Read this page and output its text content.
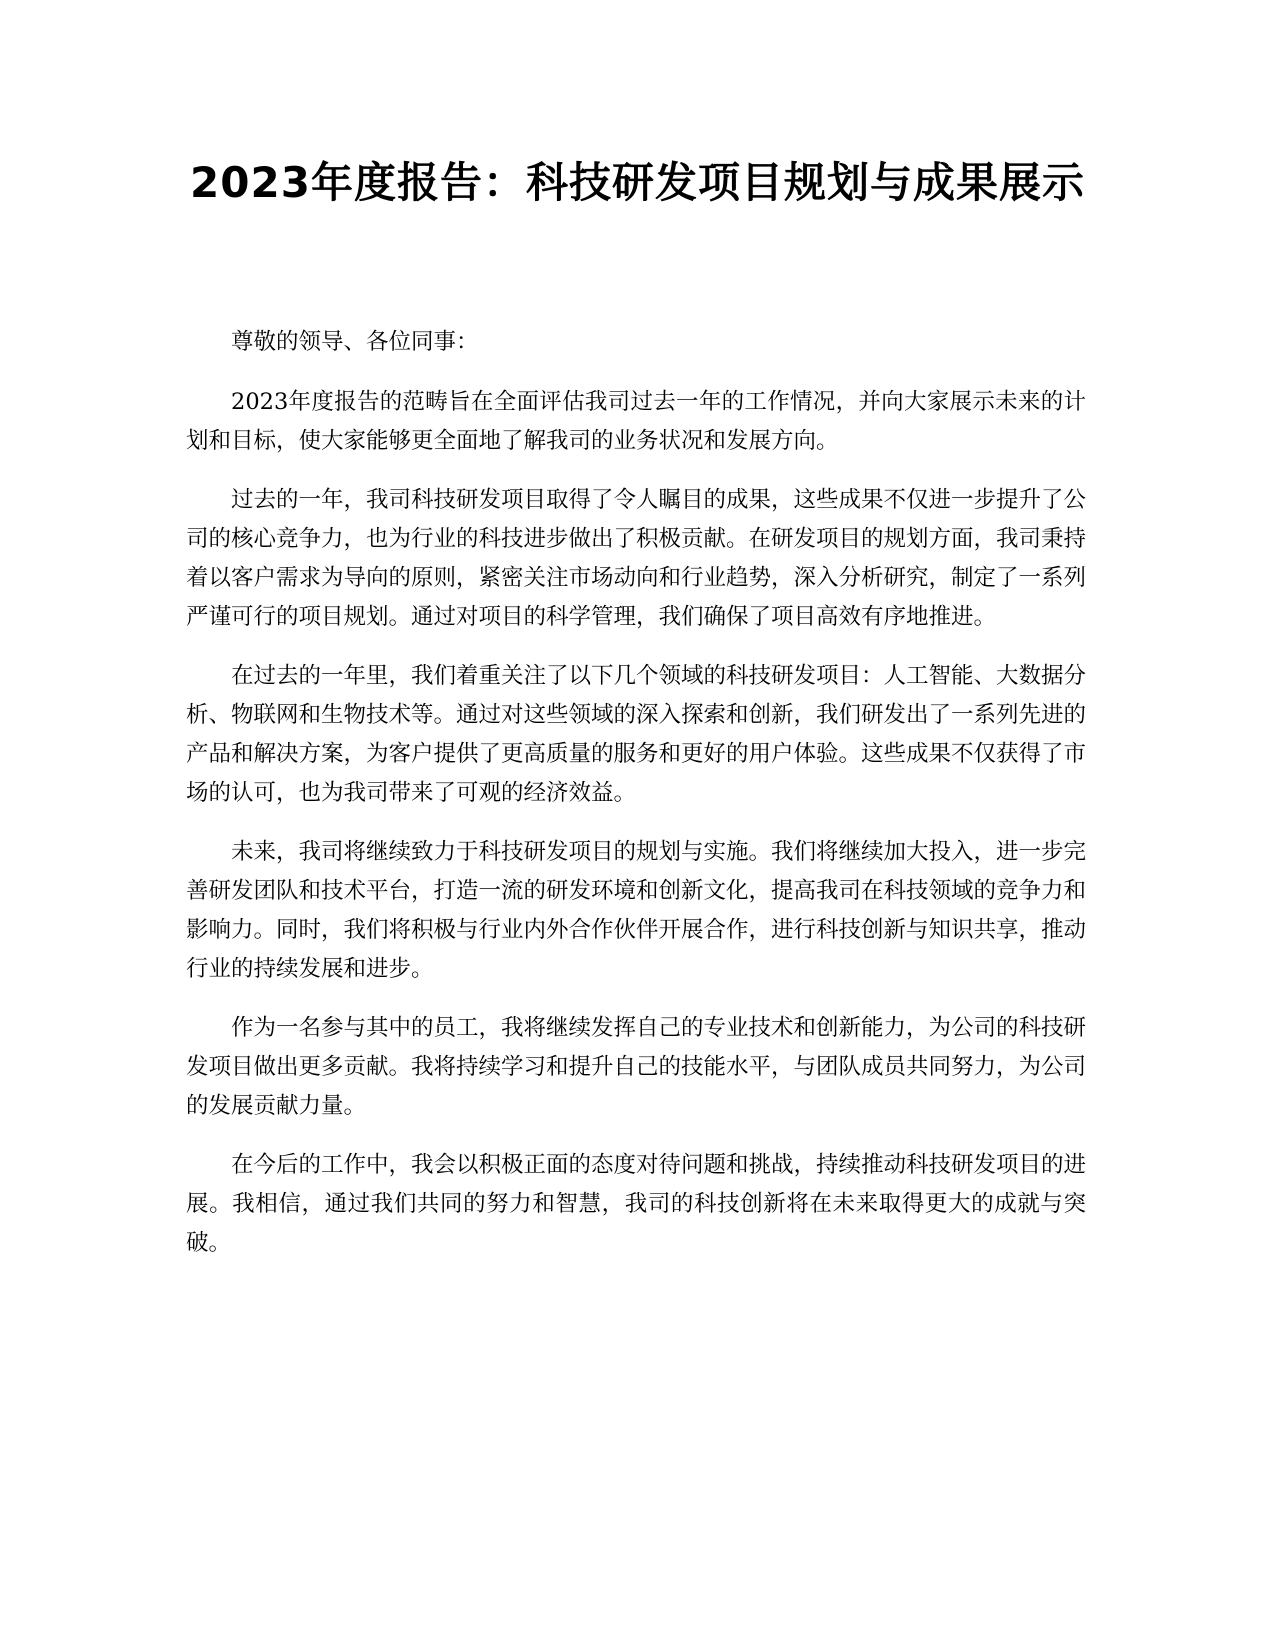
2023年度报告：科技研发项目规划与成果展示

尊敬的领导、各位同事：

2023年度报告的范畴旨在全面评估我司过去一年的工作情况，并向大家展示未来的计划和目标，使大家能够更全面地了解我司的业务状况和发展方向。

过去的一年，我司科技研发项目取得了令人瞩目的成果，这些成果不仅进一步提升了公司的核心竞争力，也为行业的科技进步做出了积极贡献。在研发项目的规划方面，我司秉持着以客户需求为导向的原则，紧密关注市场动向和行业趋势，深入分析研究，制定了一系列严谨可行的项目规划。通过对项目的科学管理，我们确保了项目高效有序地推进。

在过去的一年里，我们着重关注了以下几个领域的科技研发项目：人工智能、大数据分析、物联网和生物技术等。通过对这些领域的深入探索和创新，我们研发出了一系列先进的产品和解决方案，为客户提供了更高质量的服务和更好的用户体验。这些成果不仅获得了市场的认可，也为我司带来了可观的经济效益。

未来，我司将继续致力于科技研发项目的规划与实施。我们将继续加大投入，进一步完善研发团队和技术平台，打造一流的研发环境和创新文化，提高我司在科技领域的竞争力和影响力。同时，我们将积极与行业内外合作伙伴开展合作，进行科技创新与知识共享，推动行业的持续发展和进步。

作为一名参与其中的员工，我将继续发挥自己的专业技术和创新能力，为公司的科技研发项目做出更多贡献。我将持续学习和提升自己的技能水平，与团队成员共同努力，为公司的发展贡献力量。

在今后的工作中，我会以积极正面的态度对待问题和挑战，持续推动科技研发项目的进展。我相信，通过我们共同的努力和智慧，我司的科技创新将在未来取得更大的成就与突破。
